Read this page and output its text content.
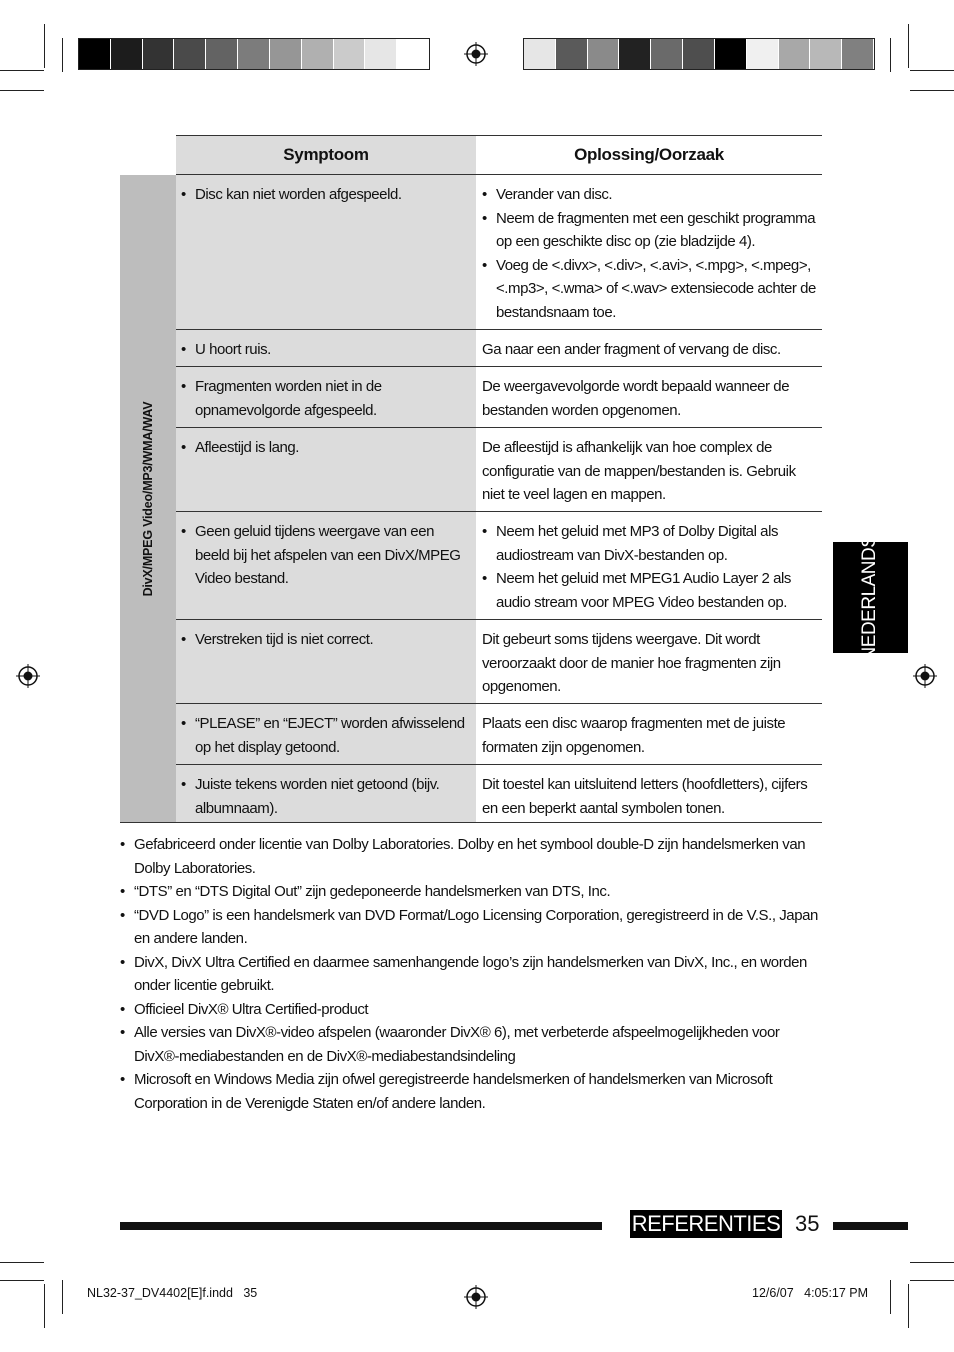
Symptoom	Oplossing/Oorzaak
DivX/MPEG Video/MP3/WMA/WAV
• Disc kan niet worden afgespeeld.
•	Verander van disc.
• Neem de fragmenten met een geschikt programma op een geschikte disc op (zie bladzijde 4).
• Voeg de <.divx>, <.div>, <.avi>, <.mpg>, <.mpeg>, <.mp3>, <.wma> of <.wav> extensiecode achter de bestandsnaam toe.
• U hoort ruis.	Ga naar een ander fragment of vervang de disc.
• Fragmenten worden niet in de opnamevolgorde afgespeeld.
De weergavevolgorde wordt bepaald wanneer de bestanden worden opgenomen.
• Afleestijd is lang.	De afleestijd is afhankelijk van hoe complex de configuratie van de mappen/bestanden is. Gebruik niet te veel lagen en mappen.
• Geen geluid tijdens weergave van een beeld bij het afspelen van een DivX/MPEG Video bestand.
• Neem het geluid met MP3 of Dolby Digital als audiostream van DivX-bestanden op.
• Neem het geluid met MPEG1 Audio Layer 2 als audio stream voor MPEG Video bestanden op.
• Verstreken tijd is niet correct.	Dit gebeurt soms tijdens weergave. Dit wordt veroorzaakt door de manier hoe fragmenten zijn opgenomen.
• “PLEASE” en “EJECT” worden afwisselend op het display getoond.
Plaats een disc waarop fragmenten met de juiste formaten zijn opgenomen.
• Juiste tekens worden niet getoond (bijv. albumnaam).
Dit toestel kan uitsluitend letters (hoofdletters), cijfers en een beperkt aantal symbolen tonen.
• Gefabriceerd onder licentie van Dolby Laboratories. Dolby en het symbool double-D zijn handelsmerken van Dolby Laboratories.
• “DTS” en “DTS Digital Out” zijn gedeponeerde handelsmerken van DTS, Inc.
• “DVD Logo” is een handelsmerk van DVD Format/Logo Licensing Corporation, geregistreerd in de V.S., Japan en andere landen.
• DivX, DivX Ultra Certified en daarmee samenhangende logo’s zijn handelsmerken van DivX, Inc., en worden onder licentie gebruikt.
• Officieel DivX® Ultra Certified-product
• Alle versies van DivX®-video afspelen (waaronder DivX® 6), met verbeterde afspeelmogelijkheden voor DivX®-mediabestanden en de DivX®-mediabestandsindeling
• Microsoft en Windows Media zijn ofwel geregistreerde handelsmerken of handelsmerken van Microsoft Corporation in de Verenigde Staten en/of andere landen.
NEDERLANDS
REFERENTIES 35
NL32-37_DV4402[E]f.indd   35	12/6/07   4:05:17 PM
